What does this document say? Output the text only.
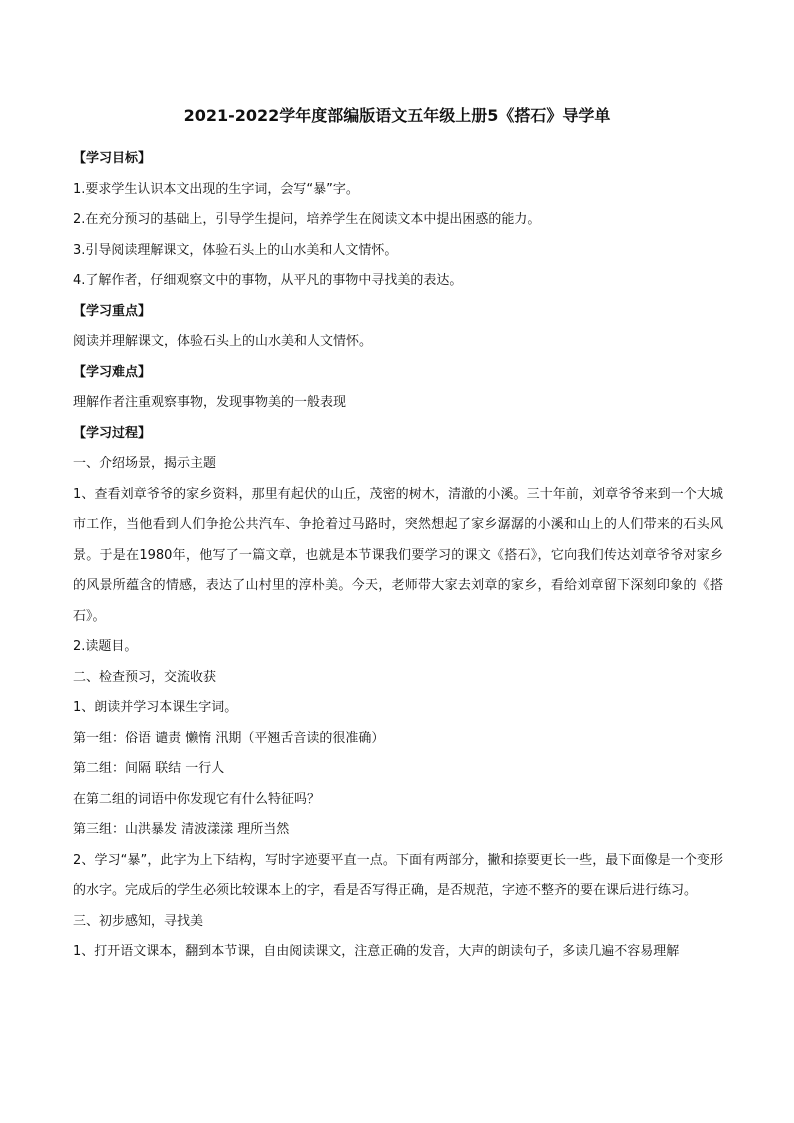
2021-2022学年度部编版语文五年级上册5《搭石》导学单

【学习目标】

1.要求学生认识本文出现的生字词，会写“暴”字。

2.在充分预习的基础上，引导学生提问，培养学生在阅读文本中提出困惑的能力。

3.引导阅读理解课文，体验石头上的山水美和人文情怀。

4.了解作者，仔细观察文中的事物，从平凡的事物中寻找美的表达。

【学习重点】

阅读并理解课文，体验石头上的山水美和人文情怀。

【学习难点】

理解作者注重观察事物，发现事物美的一般表现

【学习过程】

一、介绍场景，揭示主题

1、查看刘章爷爷的家乡资料，那里有起伏的山丘，茂密的树木，清澈的小溪。三十年前，刘章爷爷来到一个大城市工作，当他看到人们争抢公共汽车、争抢着过马路时，突然想起了家乡潺潺的小溪和山上的人们带来的石头风景。于是在1980年，他写了一篇文章，也就是本节课我们要学习的课文《搭石》，它向我们传达刘章爷爷对家乡的风景所蕴含的情感，表达了山村里的淳朴美。今天，老师带大家去刘章的家乡，看给刘章留下深刻印象的《搭石》。

2.读题目。

二、检查预习，交流收获

1、朗读并学习本课生字词。

第一组：俗语 谴责 懒惰 汛期（平翘舌音读的很准确）

第二组：间隔 联结 一行人

在第二组的词语中你发现它有什么特征吗？

第三组：山洪暴发 清波漾漾 理所当然

2、学习“暴”，此字为上下结构，写时字迹要平直一点。下面有两部分，撇和捺要更长一些，最下面像是一个变形的水字。完成后的学生必须比较课本上的字，看是否写得正确，是否规范，字迹不整齐的要在课后进行练习。

三、初步感知，寻找美

1、打开语文课本，翻到本节课，自由阅读课文，注意正确的发音，大声的朗读句子，多读几遍不容易理解
